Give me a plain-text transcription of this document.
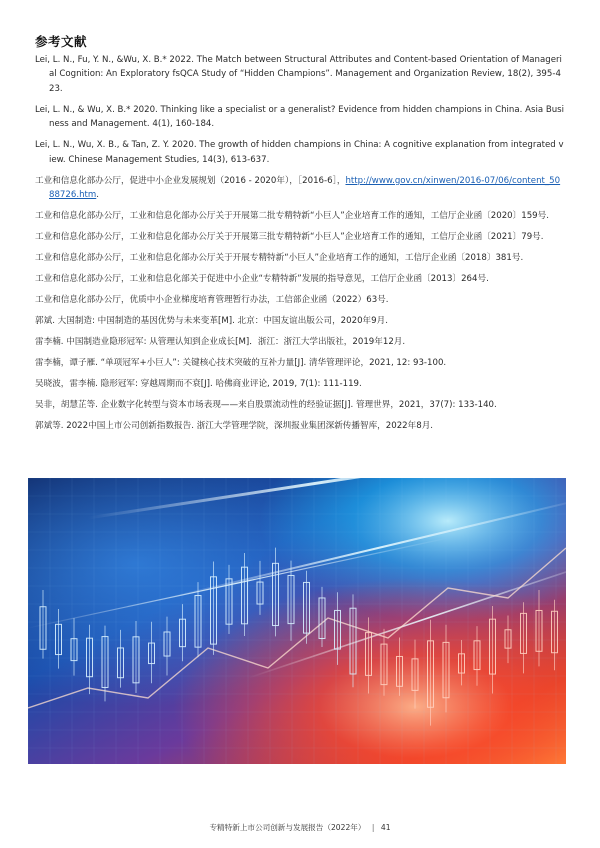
参考文献
Lei, L. N., Fu, Y. N., &Wu, X. B.* 2022. The Match between Structural Attributes and Content-based Orientation of Managerial Cognition: An Exploratory fsQCA Study of “Hidden Champions”. Management and Organization Review, 18(2), 395-423.
Lei, L. N., & Wu, X. B.* 2020. Thinking like a specialist or a generalist? Evidence from hidden champions in China. Asia Business and Management. 4(1), 160-184.
Lei, L. N., Wu, X. B., & Tan, Z. Y. 2020. The growth of hidden champions in China: A cognitive explanation from integrated view. Chinese Management Studies, 14(3), 613-637.
工业和信息化部办公厅，促进中小企业发展规划（2016 - 2020年），［2016-6］，http://www.gov.cn/xinwen/2016-07/06/content_5088726.htm.
工业和信息化部办公厅，工业和信息化部办公厅关于开展第二批专精特新“小巨人”企业培育工作的通知，工信厅企业函〔2020〕159号.
工业和信息化部办公厅，工业和信息化部办公厅关于开展第三批专精特新“小巨人”企业培育工作的通知，工信厅企业函〔2021〕79号.
工业和信息化部办公厅，工业和信息化部办公厅关于开展专精特新“小巨人”企业培育工作的通知，工信厅企业函〔2018〕381号.
工业和信息化部办公厅，工业和信息化部关于促进中小企业“专精特新”发展的指导意见，工信厅企业函〔2013〕264号.
工业和信息化部办公厅，优质中小企业梯度培育管理暂行办法，工信部企业函（2022）63号.
郭斌. 大国制造: 中国制造的基因优势与未来变革[M]. 北京：中国友谊出版公司，2020年9月.
雷李楠. 中国制造业隐形冠军: 从管理认知到企业成长[M]．浙江：浙江大学出版社，2019年12月.
雷李楠，谭子雁. “单项冠军+小巨人”: 关键核心技术突破的互补力量[J]. 清华管理评论，2021, 12: 93-100.
吴晓波，雷李楠. 隐形冠军: 穿越周期而不衰[J]. 哈佛商业评论, 2019, 7(1): 111-119.
吴非，胡慧芷等. 企业数字化转型与资本市场表现——来自股票流动性的经验证据[J]. 管理世界，2021，37(7): 133-140.
郭斌等. 2022中国上市公司创新指数报告. 浙江大学管理学院，深圳报业集团深新传播智库，2022年8月.
专精特新上市公司创新与发展报告（2022年） | 41
